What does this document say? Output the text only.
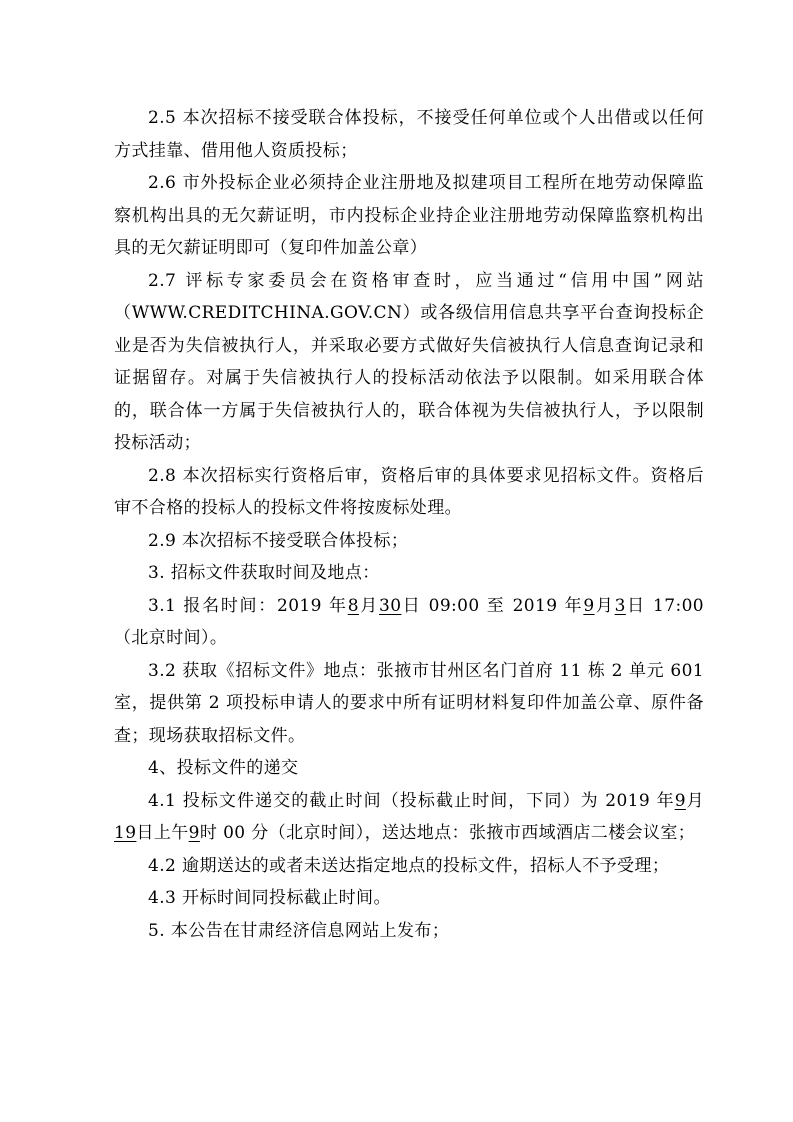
2.5 本次招标不接受联合体投标，不接受任何单位或个人出借或以任何方式挂靠、借用他人资质投标；

2.6 市外投标企业必须持企业注册地及拟建项目工程所在地劳动保障监察机构出具的无欠薪证明，市内投标企业持企业注册地劳动保障监察机构出具的无欠薪证明即可（复印件加盖公章）

2.7 评标专家委员会在资格审查时，应当通过“信用中国”网站（WWW.CREDITCHINA.GOV.CN）或各级信用信息共享平台查询投标企业是否为失信被执行人，并采取必要方式做好失信被执行人信息查询记录和证据留存。对属于失信被执行人的投标活动依法予以限制。如采用联合体的，联合体一方属于失信被执行人的，联合体视为失信被执行人，予以限制投标活动；

2.8 本次招标实行资格后审，资格后审的具体要求见招标文件。资格后审不合格的投标人的投标文件将按废标处理。

2.9 本次招标不接受联合体投标；

3. 招标文件获取时间及地点：

3.1 报名时间：2019 年8月30日 09:00 至 2019 年9月3日 17:00（北京时间）。

3.2 获取《招标文件》地点：张掖市甘州区名门首府 11 栋 2 单元 601 室，提供第 2 项投标申请人的要求中所有证明材料复印件加盖公章、原件备查；现场获取招标文件。

4、投标文件的递交

4.1 投标文件递交的截止时间（投标截止时间，下同）为 2019 年9月19日上午9时 00 分（北京时间），送达地点：张掖市西域酒店二楼会议室；

4.2 逾期送达的或者未送达指定地点的投标文件，招标人不予受理；

4.3 开标时间同投标截止时间。

5. 本公告在甘肃经济信息网站上发布；
